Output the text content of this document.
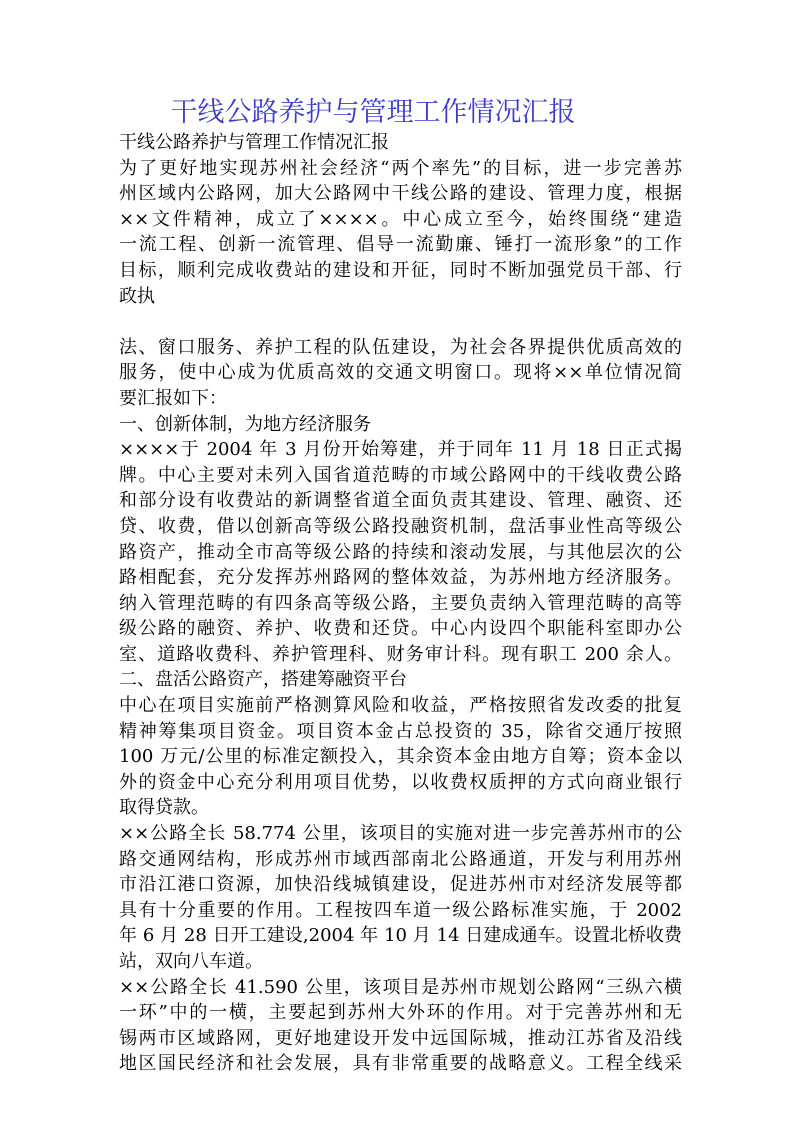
干线公路养护与管理工作情况汇报
干线公路养护与管理工作情况汇报
为了更好地实现苏州社会经济“两个率先”的目标，进一步完善苏
州区域内公路网，加大公路网中干线公路的建设、管理力度，根据
××文件精神，成立了××××。中心成立至今，始终围绕“建造
一流工程、创新一流管理、倡导一流勤廉、锤打一流形象”的工作
目标，顺利完成收费站的建设和开征，同时不断加强党员干部、行
政执
法、窗口服务、养护工程的队伍建设，为社会各界提供优质高效的
服务，使中心成为优质高效的交通文明窗口。现将××单位情况简
要汇报如下：
一、创新体制，为地方经济服务
××××于 2004 年 3 月份开始筹建，并于同年 11 月 18 日正式揭
牌。中心主要对未列入国省道范畴的市域公路网中的干线收费公路
和部分设有收费站的新调整省道全面负责其建设、管理、融资、还
贷、收费，借以创新高等级公路投融资机制，盘活事业性高等级公
路资产，推动全市高等级公路的持续和滚动发展，与其他层次的公
路相配套，充分发挥苏州路网的整体效益，为苏州地方经济服务。
纳入管理范畴的有四条高等级公路，主要负责纳入管理范畴的高等
级公路的融资、养护、收费和还贷。中心内设四个职能科室即办公
室、道路收费科、养护管理科、财务审计科。现有职工 200 余人。
二、盘活公路资产，搭建筹融资平台
中心在项目实施前严格测算风险和收益，严格按照省发改委的批复
精神筹集项目资金。项目资本金占总投资的 35，除省交通厅按照
100 万元/公里的标准定额投入，其余资本金由地方自筹；资本金以
外的资金中心充分利用项目优势，以收费权质押的方式向商业银行
取得贷款。
××公路全长 58.774 公里，该项目的实施对进一步完善苏州市的公
路交通网结构，形成苏州市域西部南北公路通道，开发与利用苏州
市沿江港口资源，加快沿线城镇建设，促进苏州市对经济发展等都
具有十分重要的作用。工程按四车道一级公路标准实施，于 2002
年 6 月 28 日开工建设,2004 年 10 月 14 日建成通车。设置北桥收费
站，双向八车道。
××公路全长 41.590 公里，该项目是苏州市规划公路网“三纵六横
一环”中的一横，主要起到苏州大外环的作用。对于完善苏州和无
锡两市区域路网，更好地建设开发中远国际城，推动江苏省及沿线
地区国民经济和社会发展，具有非常重要的战略意义。工程全线采
